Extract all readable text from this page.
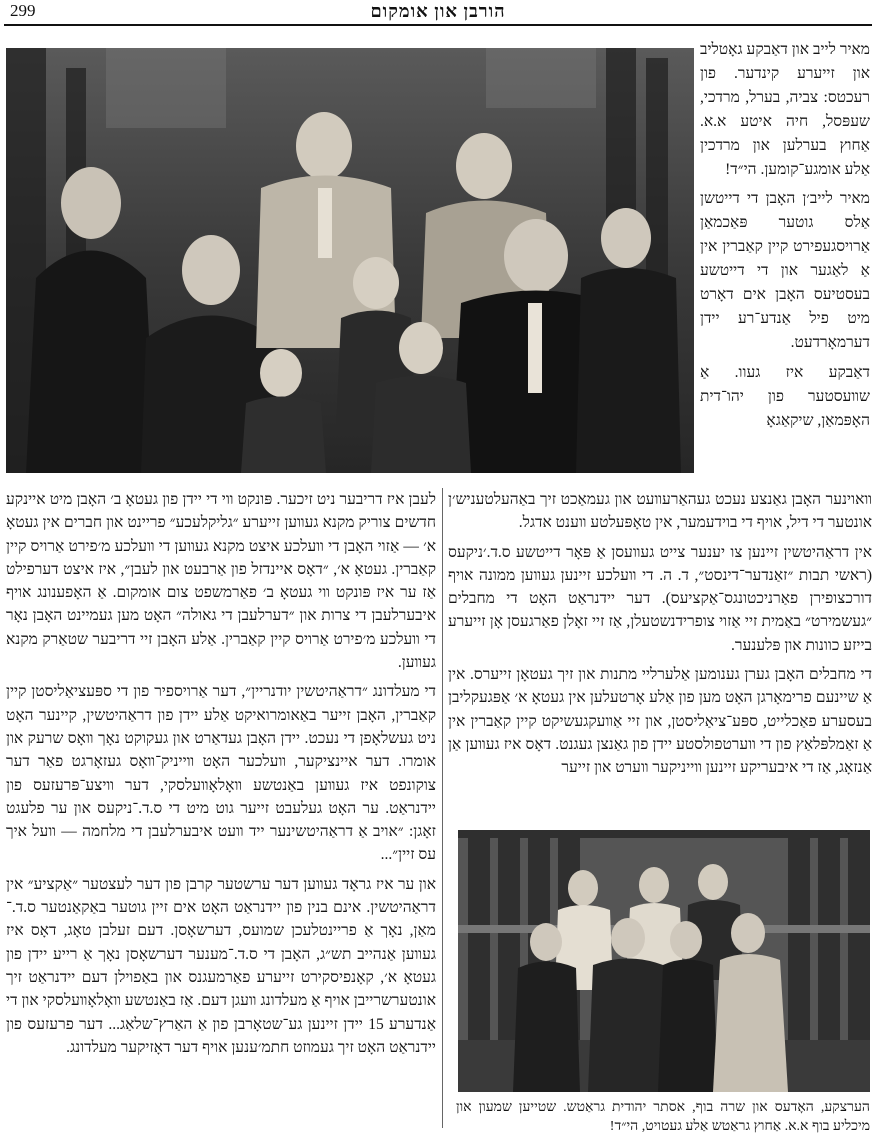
299	הורבן און אומקום

מאיר לייב און דאַבקע גאָטליב און זייערע קינדער. פון רעכטס: צביה, בערל, מרדכי, שעפּסל, חיה איטע א.א. אַחוץ בערלען און מרדכין אַלע אומגע־קומען. הי״ד!

מאיר לייב׳ן האָבן די דייטשן אַלס גוטער פּאַכמאַן אַרויסגעפירט קיין קאַברין אין אַ לאַגער און די דייטשע בעסטיעס האָבן אים דאָרט מיט פיל אַנדע־רע יידן דערמאָרדעט.

דאַבקע איז געוו. אַ שװעסטער פון יהו־דית האָפּמאַן, שיקאַגאָ

װאוינער האָבן גאַנצע נעכט געהאַרעװעט און געמאַכט זיך באַהעלטעניש׳ן אונטער די דיל, אויף די בוידעמער, אין טאָפּעלטע װענט אדגל.

אין דראַהיטשין זיינען צו יענער צייט געװעסן אַ פּאָר דייטשע ס.ד.׳ניקעס (ראשי תבות ״זאַנדער־דינסט״, ד. ה. די װעלכע זיינען געװען ממונה אויף דורכצופירן פאַרניכטונגס־אַקציעס). דער יידנראַט האָט די מחבלים ״געשמירט״ באַמית זיי אַזוי צופרידנשטעלן, אַז זיי זאָלן פאַרגעסן אָן זייערע בייזע כוונות און פּלענער.

די מחבלים האָבן גערן גענומען אַלערליי מתנות און זיך געטאָן זייערס. אין אַ שיינעם פרימאָרגן האָט מען פון אַלע אָרטעלען אין געטאָ א׳ אַפּגעקליבן בעסערע פאַכלייט, ספּע־ציאַליסטן, און זיי אַװעקגעשיקט קיין קאַברין אין אַ זאַמלפּלאַץ פון די װערטפולסטע יידן פון גאַנצן געגנט. דאָס איז געװען אַן אַנזאָג, אַז די איבעריקע זיינען װייניקער װערט און זייער

לעבן איז דריבער ניט זיכער. פּונקט װי די יידן פון געטאָ ב׳ האָבן מיט איינקע חדשים צוריק מקנא געװען זייערע ״גליקלעכע״ פריינט און חברים אין געטאָ א׳ — אַזוי האָבן די װעלכע איצט מקנא געװען די װעלכע מ׳פירט אַרויס קיין קאַברין. געטאָ א׳, ״דאָס איינדזל פון אַרבעט און לעבן״, איז איצט דערפילט אַז ער איז פּונקט װי געטאָ ב׳ פאַרמשפט צום אומקום. אַ האָפענונג אויף איבערלעבן די צרות און ״דערלעבן די גאולה״ האָט מען געמיינט האָבן נאָר די װעלכע מ׳פירט אַרויס קיין קאַברין. אַלע האָבן זיי דריבער שטאַרק מקנא געװען.

די מעלדונג ״דראַהיטשין יודנריין״, דער אַרויספיר פון די ספּעציאַליסטן קיין קאַברין, האָבן זייער באַאומרואיקט אַלע יידן פון דראַהיטשין, קיינער האָט ניט געשלאָפן די נעכט. יידן האָבן געדאַרט און געקוקט נאָך װאָס שרעק און אומרו. דער איינציקער, װעלכער האָט װייניק־װאָס געזאָרגט פאַר דער צוקונפט איז געװען באַנטשע װאָלאָװעלסקי, דער װיצע־פּרעזעס פון יידנראַט. ער האָט געלעבט זייער גוט מיט די ס.ד.־ניקעס און ער פלעגט זאָגן: ״אויב אַ דראַהיטשינער ייד װעט איבערלעבן די מלחמה — װעל איך עס זיין״...

און ער איז גראָד געװען דער ערשטער קרבן פון דער לעצטער ״אַקציע״ אין דראַהיטשין. אינם בנין פון יידנראַט האָט אים זיין גוטער באַקאַנטער ס.ד.־מאַן, נאָך אַ פריינטלעכן שמועס, דערשאָסן. דעם זעלבן טאָג, דאָס איז געװען אַנהייב תש״ג, האָבן די ס.ד.־מענער דערשאָסן נאָך אַ רייע יידן פון געטאָ א׳, קאָנפיסקירט זייערע פאַרמעגנס און באַפוילן דעם יידנראַט זיך אונטערשרייבן אויף אַ מעלדונג װעגן דעם. אַז באַנטשע װאָלאָװעלסקי און די אַנדערע 15 יידן זיינען גע־שטאָרבן פון אַ האַרץ־שלאַג... דער פרעזעס פון יידנראַט האָט זיך געמוזט חתמ׳ענען אויף דער דאָזיקער מעלדונג.

הערצקע, האָדעס און שרה בוף, אסתר יהודית גראַטש. שטייען שמעון און מיכליע בוף א.א. אַחוץ גראַטש אַלע געטויט, הי״ד!
